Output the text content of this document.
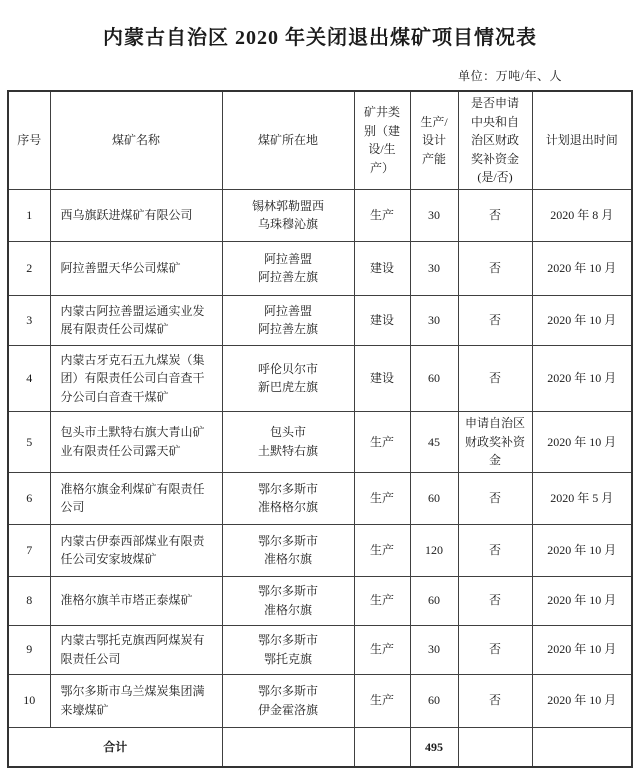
内蒙古自治区 2020 年关闭退出煤矿项目情况表
单位：万吨/年、人
序号	煤矿名称	煤矿所在地	矿井类别（建设/生产）	生产/设计产能	是否申请中央和自治区财政奖补资金(是/否)	计划退出时间
1	西乌旗跃进煤矿有限公司	锡林郭勒盟西
乌珠穆沁旗	生产	30	否	2020 年 8 月
2	阿拉善盟天华公司煤矿	阿拉善盟
阿拉善左旗	建设	30	否	2020 年 10 月
3	内蒙古阿拉善盟运通实业发展有限责任公司煤矿	阿拉善盟
阿拉善左旗	建设	30	否	2020 年 10 月
4	内蒙古牙克石五九煤炭（集团）有限责任公司白音查干分公司白音查干煤矿	呼伦贝尔市
新巴虎左旗	建设	60	否	2020 年 10 月
5	包头市土默特右旗大青山矿业有限责任公司露天矿	包头市
土默特右旗	生产	45	申请自治区财政奖补资金	2020 年 10 月
6	准格尔旗金利煤矿有限责任公司	鄂尔多斯市
准格格尔旗	生产	60	否	2020 年 5 月
7	内蒙古伊泰西部煤业有限责任公司安家坡煤矿	鄂尔多斯市
准格尔旗	生产	120	否	2020 年 10 月
8	准格尔旗羊市塔正泰煤矿	鄂尔多斯市
准格尔旗	生产	60	否	2020 年 10 月
9	内蒙古鄂托克旗西阿煤炭有限责任公司	鄂尔多斯市
鄂托克旗	生产	30	否	2020 年 10 月
10	鄂尔多斯市乌兰煤炭集团满来壕煤矿	鄂尔多斯市
伊金霍洛旗	生产	60	否	2020 年 10 月
合计				495		
